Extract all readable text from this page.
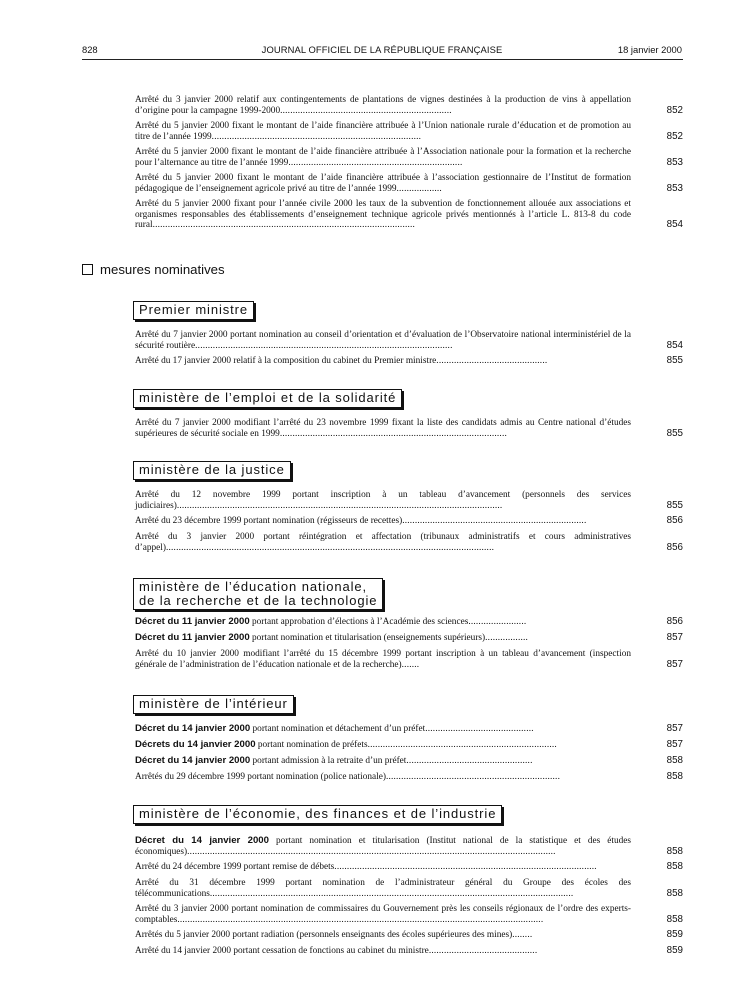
828	JOURNAL OFFICIEL DE LA RÉPUBLIQUE FRANÇAISE	18 janvier 2000
Arrêté du 3 janvier 2000 relatif aux contingentements de plantations de vignes destinées à la production de vins à appellation d’origine pour la campagne 1999-2000....................................................................	852
Arrêté du 5 janvier 2000 fixant le montant de l’aide financière attribuée à l’Union nationale rurale d’éducation et de promotion au titre de l’année 1999...................................................................................	852
Arrêté du 5 janvier 2000 fixant le montant de l’aide financière attribuée à l’Association nationale pour la formation et la recherche pour l’alternance au titre de l’année 1999.....................................................................	853
Arrêté du 5 janvier 2000 fixant le montant de l’aide financière attribuée à l’association gestionnaire de l’Institut de formation pédagogique de l’enseignement agricole privé au titre de l’année 1999..................	853
Arrêté du 5 janvier 2000 fixant pour l’année civile 2000 les taux de la subvention de fonctionnement allouée aux associations et organismes responsables des établissements d’enseignement technique agricole privés mentionnés à l’article L. 813-8 du code rural........................................................................................................	854
mesures nominatives
Premier ministre
Arrêté du 7 janvier 2000 portant nomination au conseil d’orientation et d’évaluation de l’Observatoire national interministériel de la sécurité routière......................................................................................................	854
Arrêté du 17 janvier 2000 relatif à la composition du cabinet du Premier ministre............................................	855
ministère de l’emploi et de la solidarité
Arrêté du 7 janvier 2000 modifiant l’arrêté du 23 novembre 1999 fixant la liste des candidats admis au Centre national d’études supérieures de sécurité sociale en 1999..........................................................................................	855
ministère de la justice
Arrêté du 12 novembre 1999 portant inscription à un tableau d’avancement (personnels des services judiciaires).................................................................................................................................	855
Arrêté du 23 décembre 1999 portant nomination (régisseurs de recettes).........................................................................	856
Arrêté du 3 janvier 2000 portant réintégration et affectation (tribunaux administratifs et cours administratives d’appel)..................................................................................................................................	856
ministère de l’éducation nationale,
de la recherche et de la technologie
Décret du 11 janvier 2000 portant approbation d’élections à l’Académie des sciences.......................	856
Décret du 11 janvier 2000 portant nomination et titularisation (enseignements supérieurs).................	857
Arrêté du 10 janvier 2000 modifiant l’arrêté du 15 décembre 1999 portant inscription à un tableau d’avancement (inspection générale de l’administration de l’éducation nationale et de la recherche).......	857
ministère de l’intérieur
Décret du 14 janvier 2000 portant nomination et détachement d’un préfet...........................................	857
Décrets du 14 janvier 2000 portant nomination de préfets...........................................................................	857
Décret du 14 janvier 2000 portant admission à la retraite d’un préfet..................................................	858
Arrêtés du 29 décembre 1999 portant nomination (police nationale).....................................................................	858
ministère de l’économie, des finances et de l’industrie
Décret du 14 janvier 2000 portant nomination et titularisation (Institut national de la statistique et des études économiques)..................................................................................................................................................	858
Arrêté du 24 décembre 1999 portant remise de débets........................................................................................................	858
Arrêté du 31 décembre 1999 portant nomination de l’administrateur général du Groupe des écoles des télécommunications................................................................................................................................................	858
Arrêté du 3 janvier 2000 portant nomination de commissaires du Gouvernement près les conseils régionaux de l’ordre des experts-comptables.................................................................................................................................................	858
Arrêtés du 5 janvier 2000 portant radiation (personnels enseignants des écoles supérieures des mines)........	859
Arrêté du 14 janvier 2000 portant cessation de fonctions au cabinet du ministre...........................................	859
